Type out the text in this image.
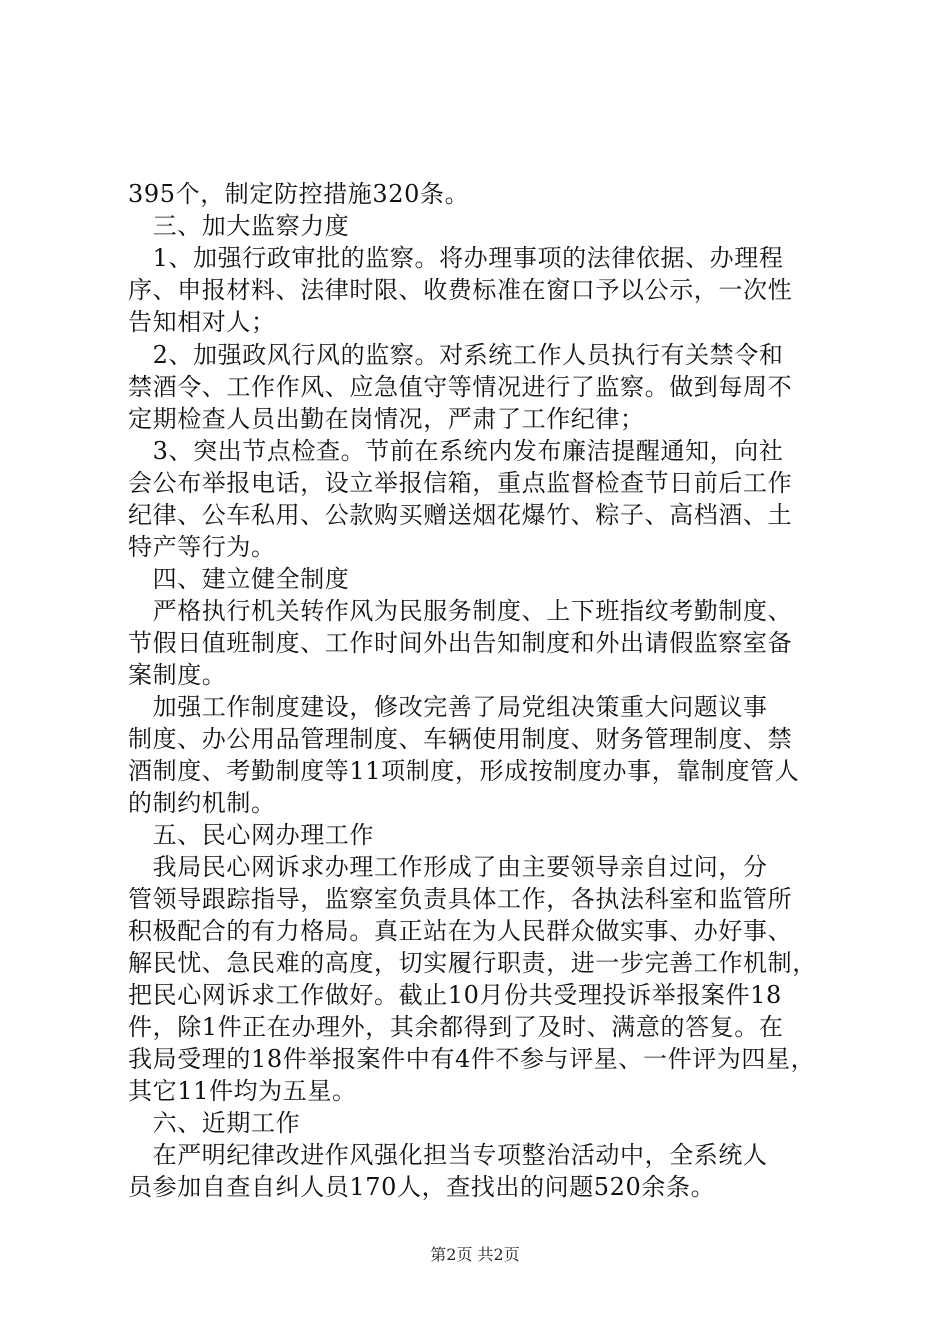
395个，制定防控措施320条。
　三、加大监察力度
　1、加强行政审批的监察。将办理事项的法律依据、办理程
序、申报材料、法律时限、收费标准在窗口予以公示，一次性
告知相对人；
　2、加强政风行风的监察。对系统工作人员执行有关禁令和
禁酒令、工作作风、应急值守等情况进行了监察。做到每周不
定期检查人员出勤在岗情况，严肃了工作纪律；
　3、突出节点检查。节前在系统内发布廉洁提醒通知，向社
会公布举报电话，设立举报信箱，重点监督检查节日前后工作
纪律、公车私用、公款购买赠送烟花爆竹、粽子、高档酒、土
特产等行为。
　四、建立健全制度
　严格执行机关转作风为民服务制度、上下班指纹考勤制度、
节假日值班制度、工作时间外出告知制度和外出请假监察室备
案制度。
　加强工作制度建设，修改完善了局党组决策重大问题议事
制度、办公用品管理制度、车辆使用制度、财务管理制度、禁
酒制度、考勤制度等11项制度，形成按制度办事，靠制度管人
的制约机制。
　五、民心网办理工作
　我局民心网诉求办理工作形成了由主要领导亲自过问，分
管领导跟踪指导，监察室负责具体工作，各执法科室和监管所
积极配合的有力格局。真正站在为人民群众做实事、办好事、
解民忧、急民难的高度，切实履行职责，进一步完善工作机制，
把民心网诉求工作做好。截止10月份共受理投诉举报案件18
件，除1件正在办理外，其余都得到了及时、满意的答复。在
我局受理的18件举报案件中有4件不参与评星、一件评为四星，
其它11件均为五星。
　六、近期工作
　在严明纪律改进作风强化担当专项整治活动中，全系统人
员参加自查自纠人员170人，查找出的问题520余条。
第2页 共2页
